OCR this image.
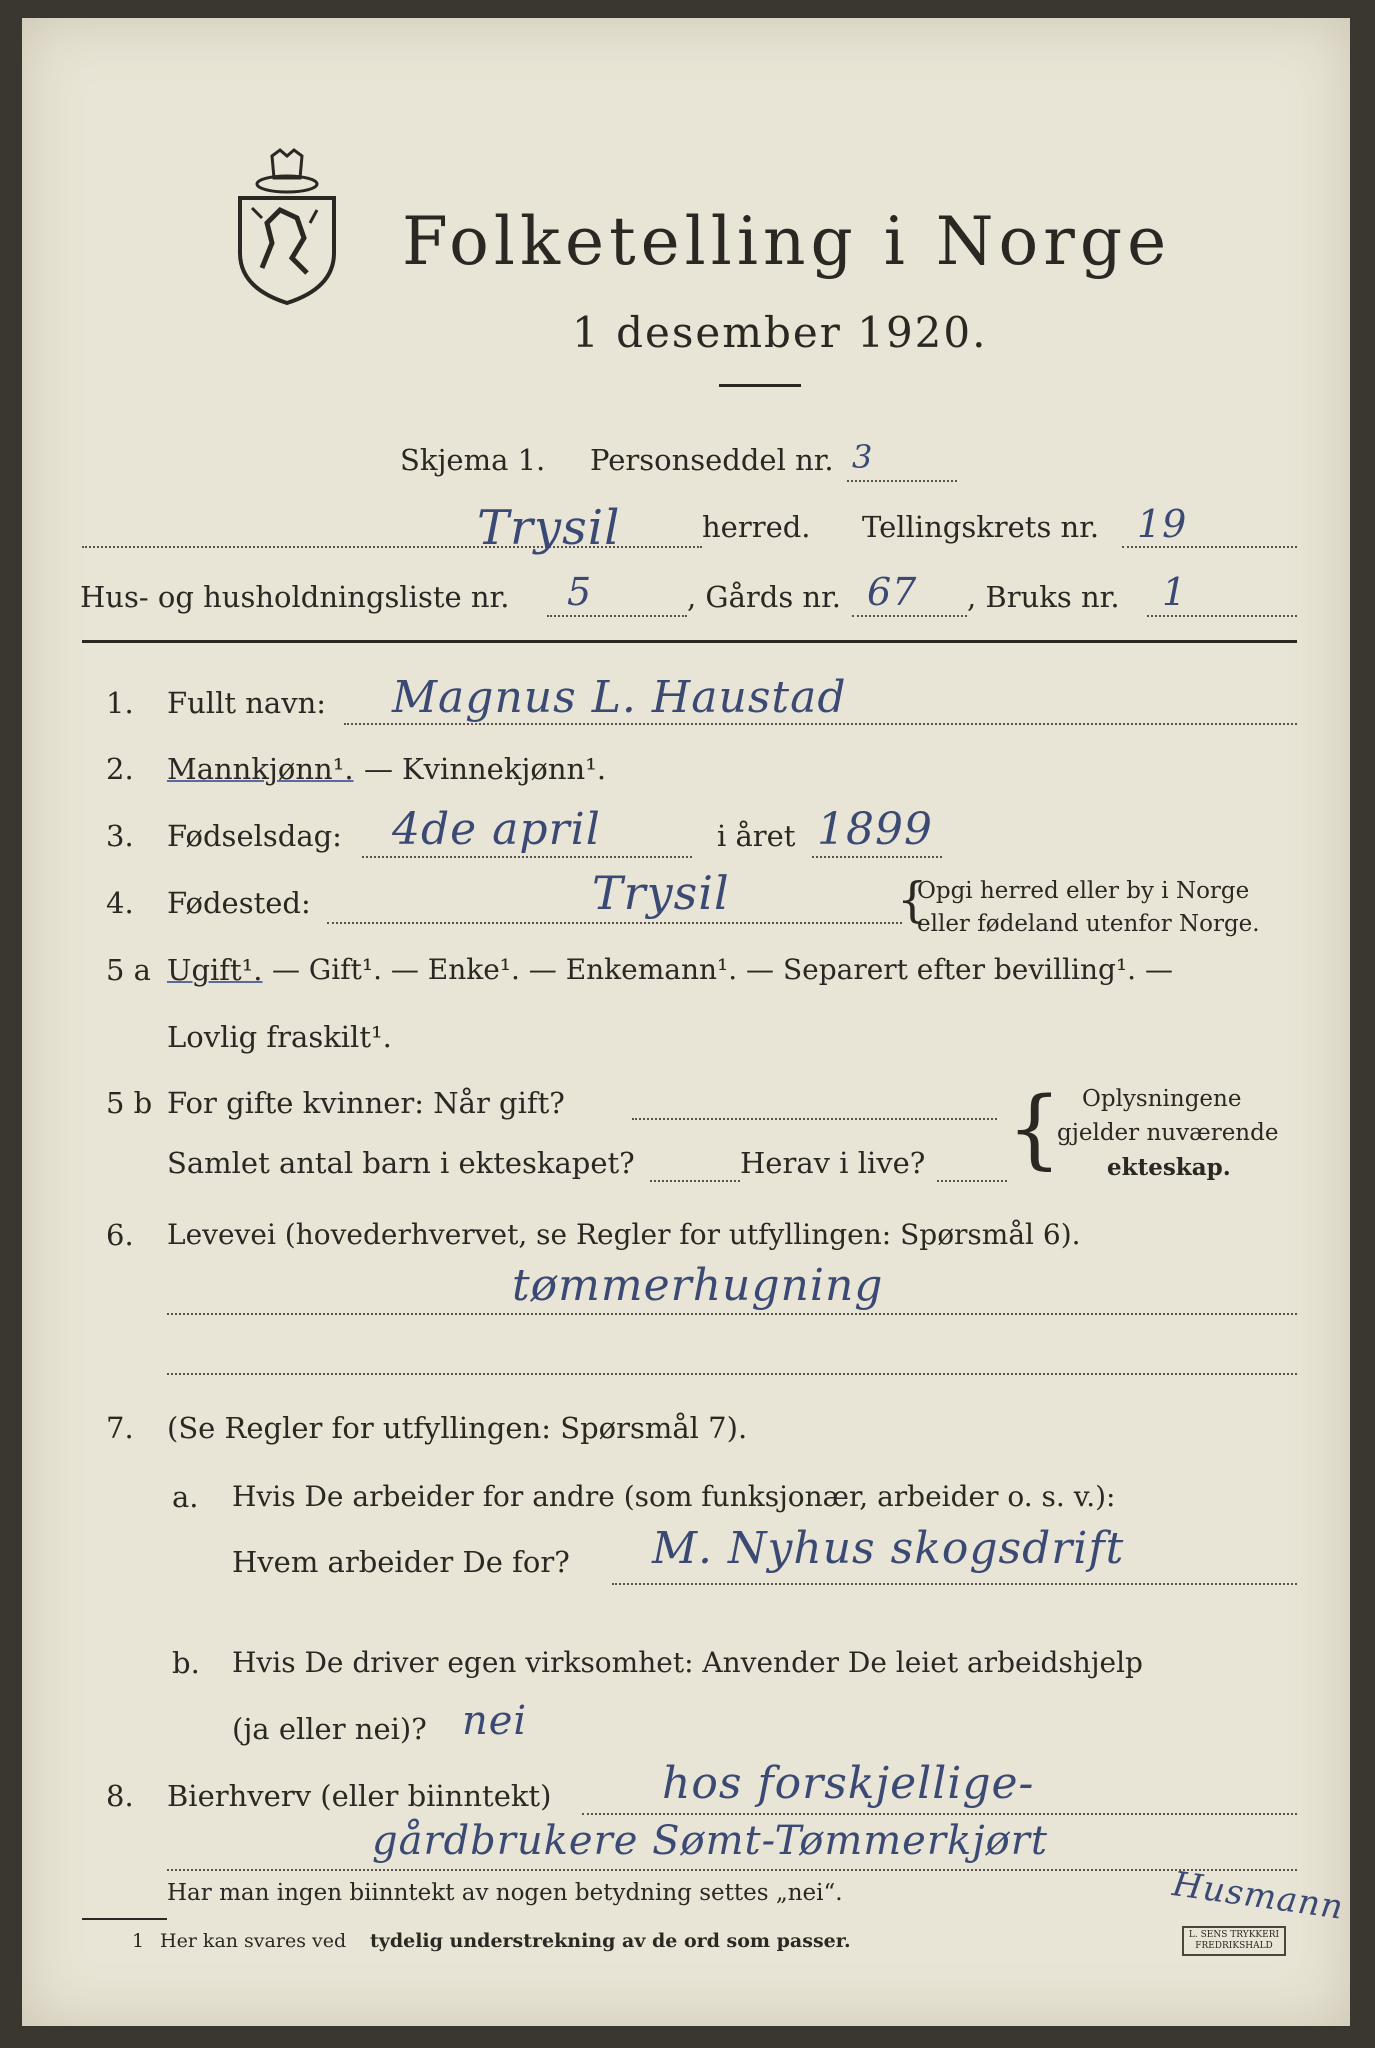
Folketelling i Norge
1 desember 1920.
Skjema 1. Personseddel nr. 3
Trysil	herred. Tellingskrets nr. 19
Hus- og husholdningsliste nr. 5	, Gårds nr. 67 , Bruks nr. 1
1. Fullt navn: Magnus L. Haustad
2. Mannkjønn¹. — Kvinnekjønn¹.
3. Fødselsdag: 4de april	i året 1899
4. Fødested:	Trysil	{
Opgi herred eller by i Norge
eller fødeland utenfor Norge.
5 a Ugift¹. — Gift¹. — Enke¹. — Enkemann¹. — Separert efter bevilling¹. —
Lovlig fraskilt¹.
5 b For gifte kvinner: Når gift?
Samlet antal barn i ekteskapet?	Herav i live? { Oplysningene
gjelder nuværende
ekteskap.
6. Levevei (hovederhvervet, se Regler for utfyllingen: Spørsmål 6).
tømmerhugning
7. (Se Regler for utfyllingen: Spørsmål 7).
a. Hvis De arbeider for andre (som funksjonær, arbeider o. s. v.):
Hvem arbeider De for? M. Nyhus skogsdrift
b. Hvis De driver egen virksomhet: Anvender De leiet arbeidshjelp
(ja eller nei)? nei
8. Bierhverv (eller biinntekt)	hos forskjellige-
gårdbrukere Sømt-Tømmerkjørt
Har man ingen biinntekt av nogen betydning settes „nei“.	Husmann
1 Her kan svares ved tydelig understrekning av de ord som passer.	L. SENS TRYKKERI FREDRIKSHALD
